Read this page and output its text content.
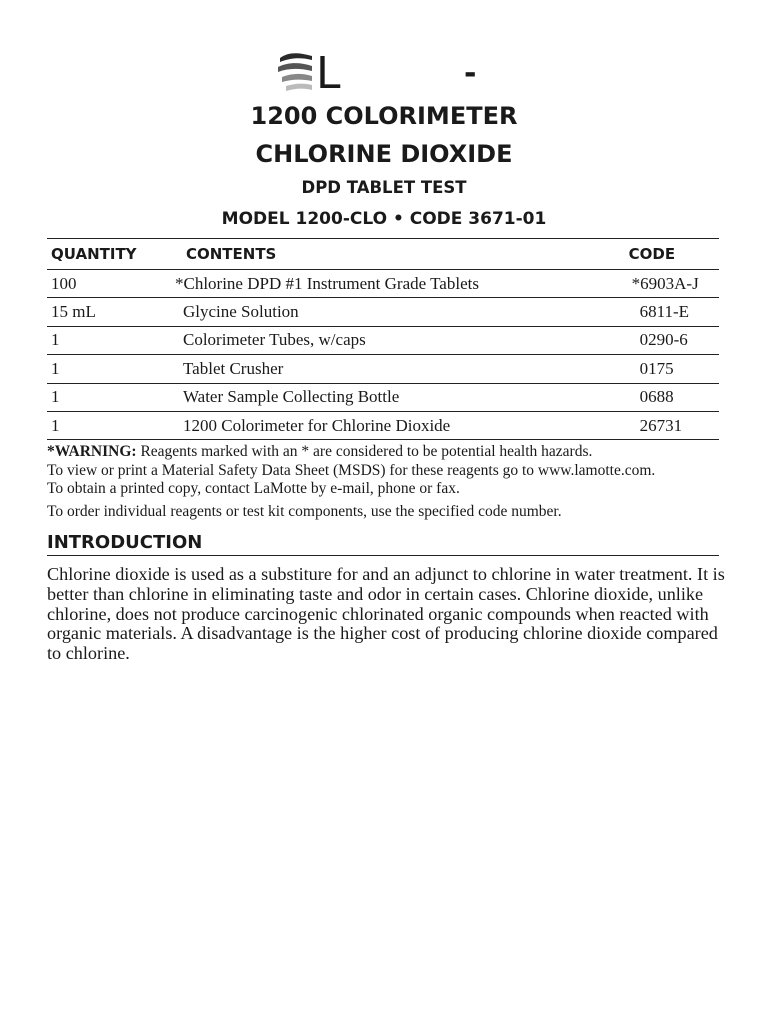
L	-
1200 COLORIMETER
CHLORINE DIOXIDE
DPD TABLET TEST
MODEL 1200-CLO • CODE 3671-01
QUANTITY	CONTENTS	CODE
100	*Chlorine DPD #1 Instrument Grade Tablets	*6903A-J
15 mL	Glycine Solution	6811-E
1	Colorimeter Tubes, w/caps	0290-6
1	Tablet Crusher	0175
1	Water Sample Collecting Bottle	0688
1	1200 Colorimeter for Chlorine Dioxide	26731

*WARNING: Reagents marked with an * are considered to be potential health hazards.

To view or print a Material Safety Data Sheet (MSDS) for these reagents go to www.lamotte.com.

To obtain a printed copy, contact LaMotte by e-mail, phone or fax.

To order individual reagents or test kit components, use the specified code number.

INTRODUCTION

Chlorine dioxide is used as a substiture for and an adjunct to chlorine in water treatment. It is better than chlorine in eliminating taste and odor in certain cases. Chlorine dioxide, unlike chlorine, does not produce carcinogenic chlorinated organic compounds when reacted with organic materials. A disadvantage is the higher cost of producing chlorine dioxide compared to chlorine.
